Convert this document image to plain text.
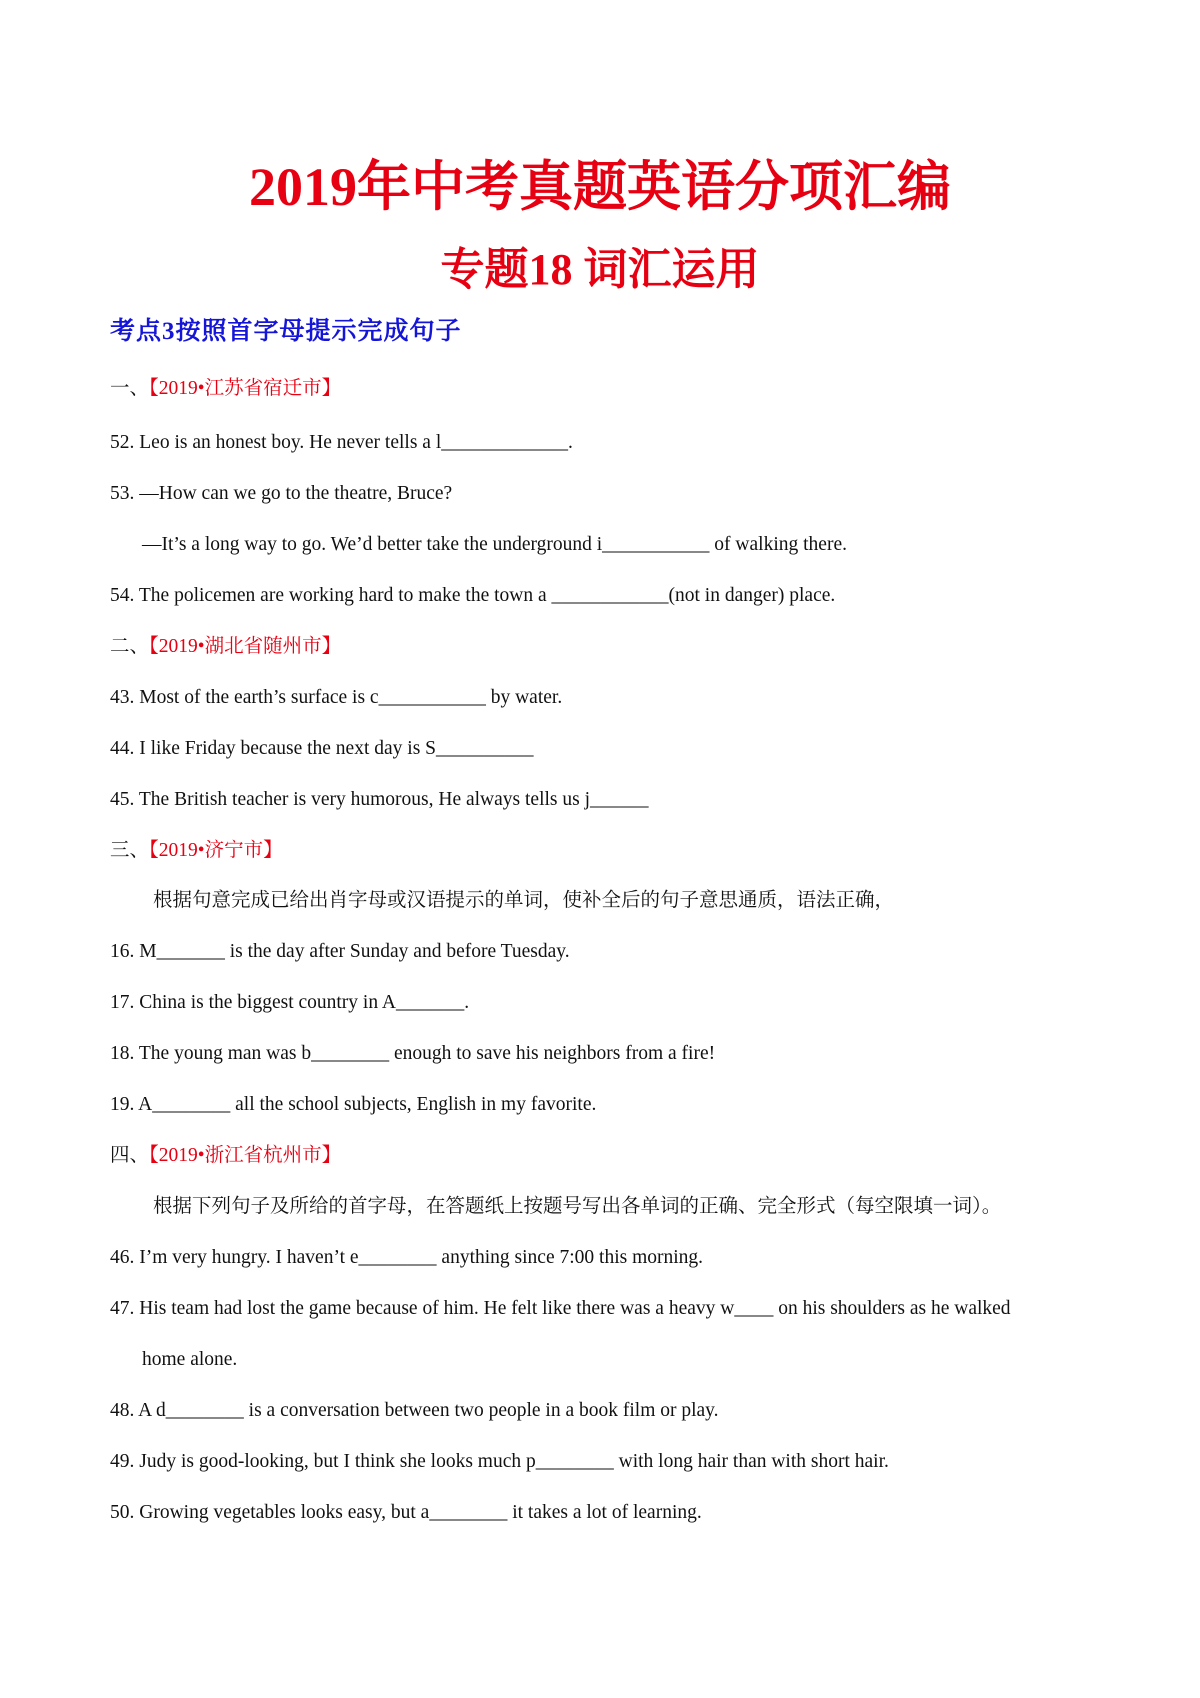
2019年中考真题英语分项汇编
专题18 词汇运用
考点3按照首字母提示完成句子
一、【2019•江苏省宿迁市】
52. Leo is an honest boy. He never tells a l_____________.
53. —How can we go to the theatre, Bruce?
—It’s a long way to go. We’d better take the underground i___________ of walking there.
54. The policemen are working hard to make the town a ____________(not in danger) place.
二、【2019•湖北省随州市】
43. Most of the earth’s surface is c___________ by water.
44. I like Friday because the next day is S__________
45. The British teacher is very humorous, He always tells us j______
三、【2019•济宁市】
根据句意完成已给出肖字母或汉语提示的单词，使补全后的句子意思通质，语法正确，
16. M_______ is the day after Sunday and before Tuesday.
17. China is the biggest country in A_______.
18. The young man was b________ enough to save his neighbors from a fire!
19. A________ all the school subjects, English in my favorite.
四、【2019•浙江省杭州市】
根据下列句子及所给的首字母，在答题纸上按题号写出各单词的正确、完全形式（每空限填一词）。
46. I’m very hungry. I haven’t e________ anything since 7:00 this morning.
47. His team had lost the game because of him. He felt like there was a heavy w____ on his shoulders as he walked
home alone.
48. A d________ is a conversation between two people in a book film or play.
49. Judy is good-looking, but I think she looks much p________ with long hair than with short hair.
50. Growing vegetables looks easy, but a________ it takes a lot of learning.
